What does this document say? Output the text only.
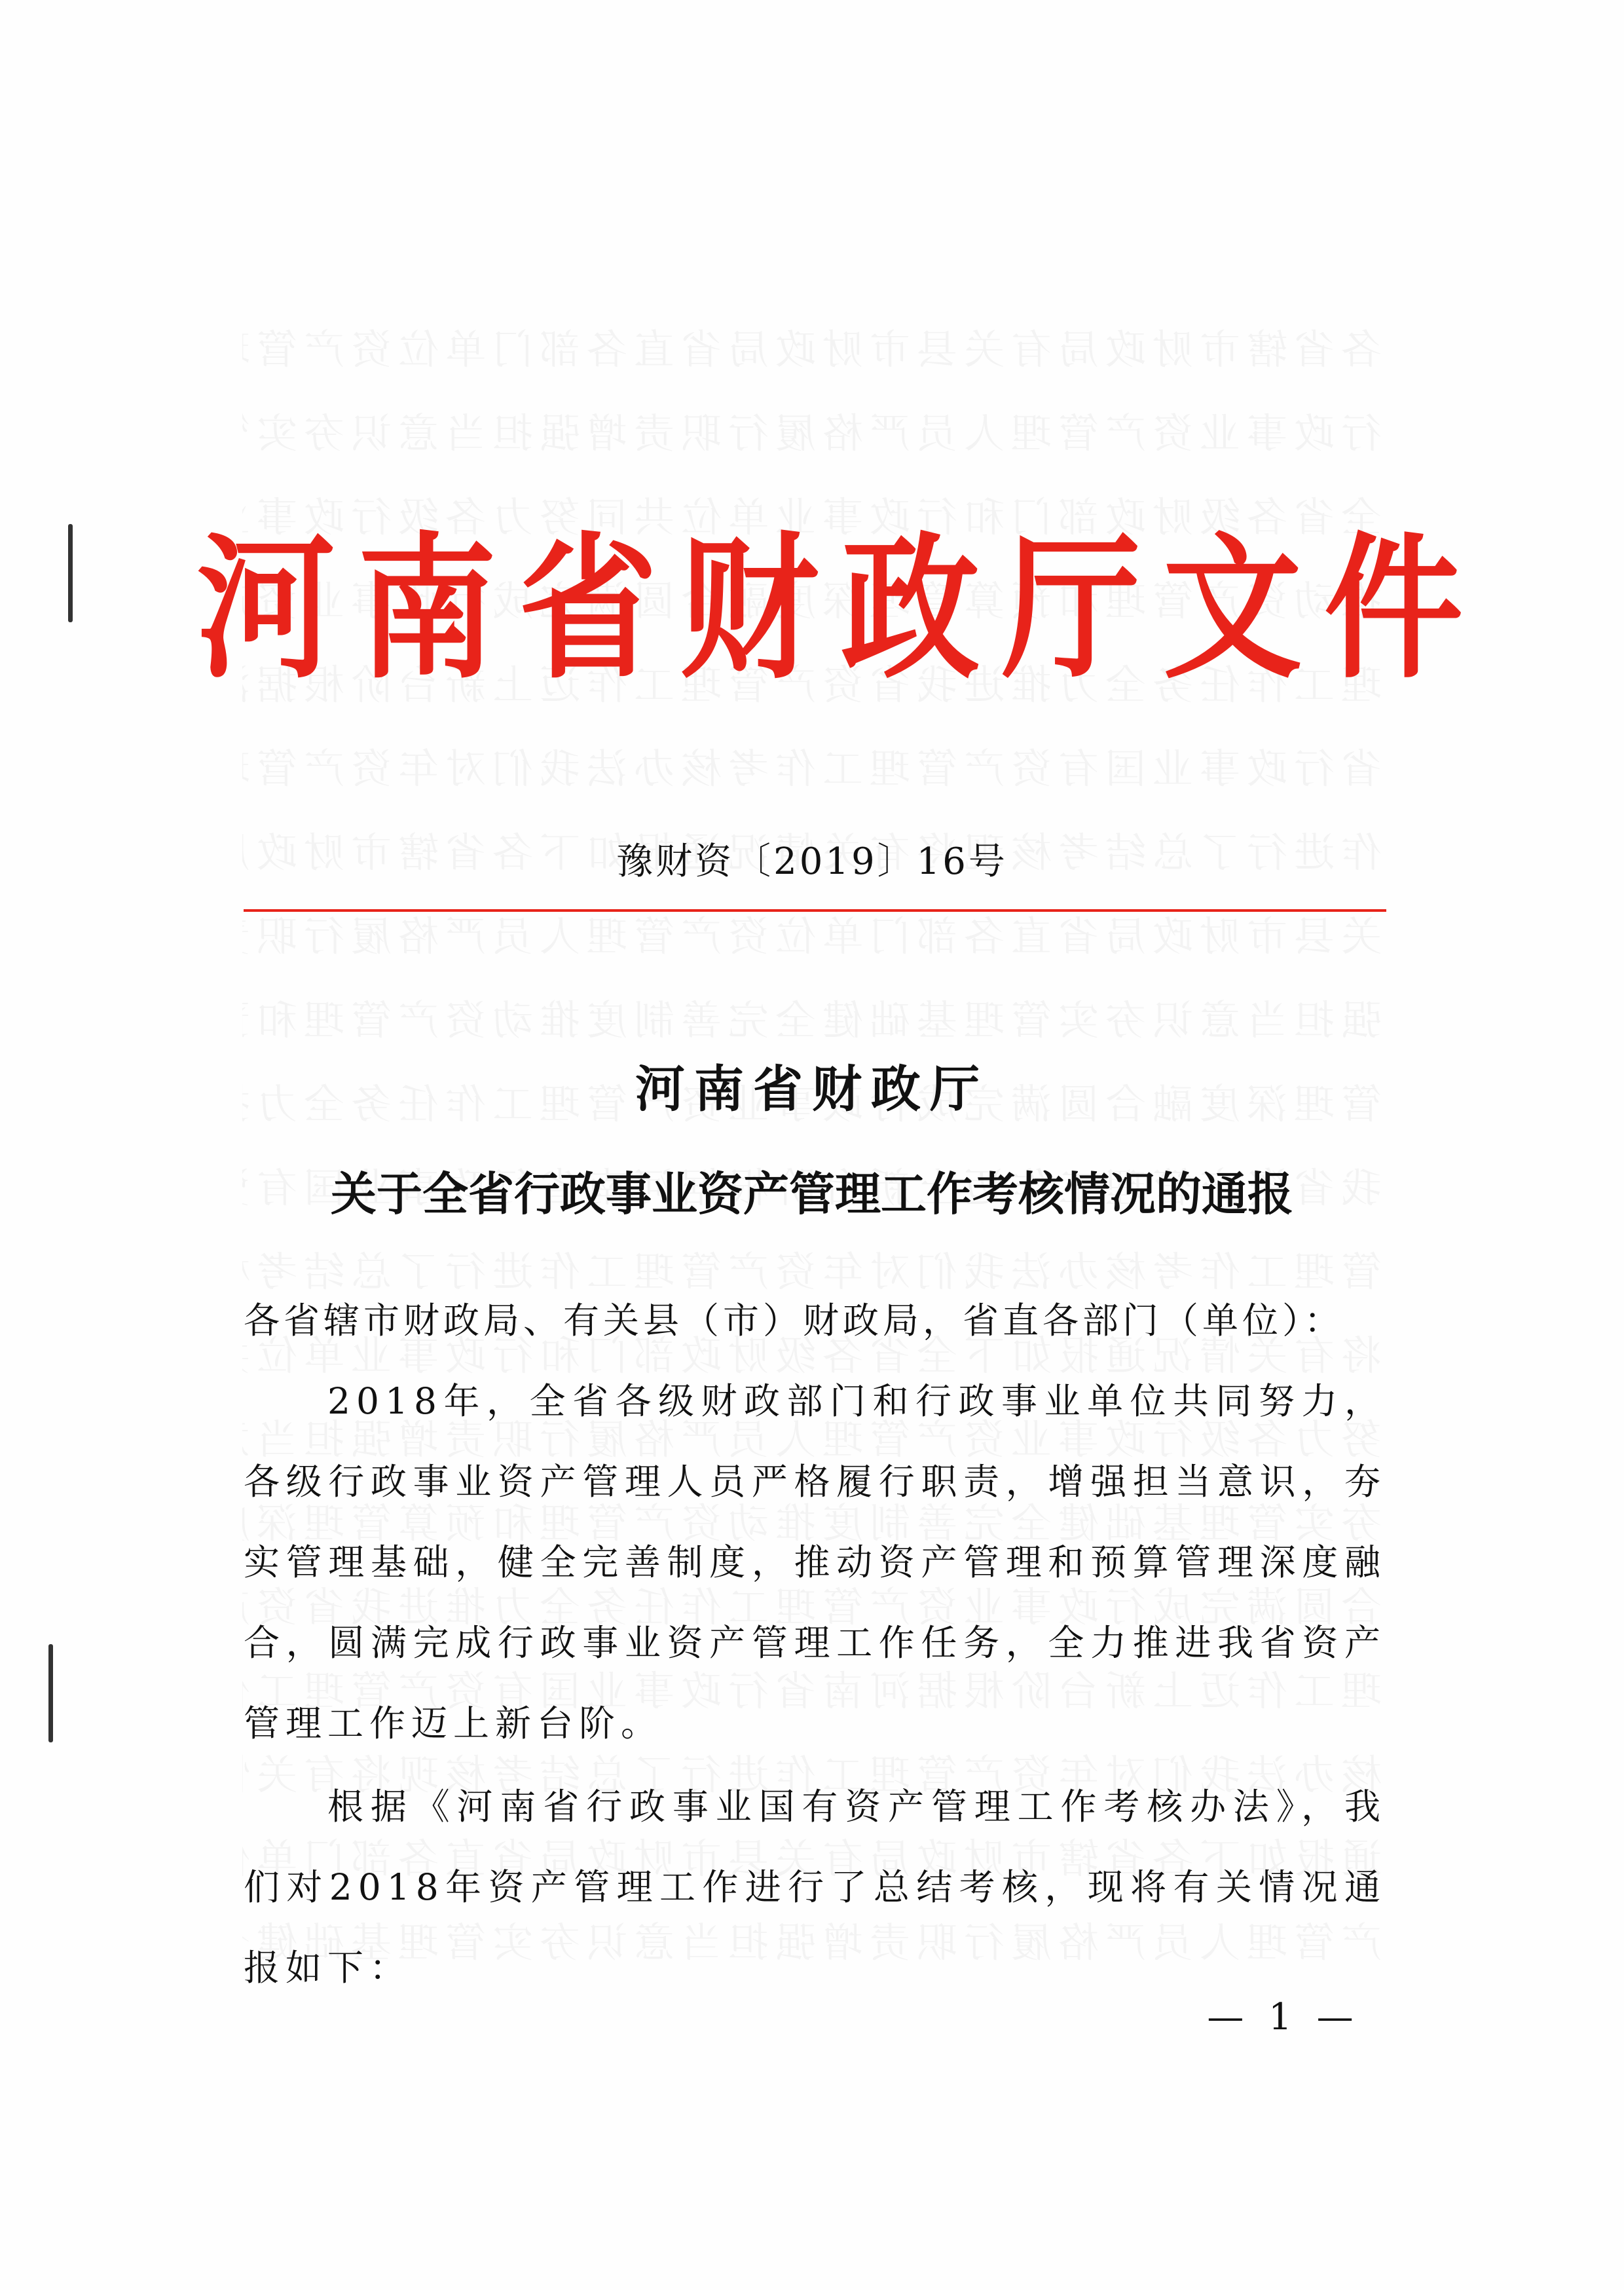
河南省财政厅文件
豫财资〔2019〕16号
河南省财政厅
关于全省行政事业资产管理工作考核情况的通报

各省辖市财政局、有关县（市）财政局，省直各部门（单位）：

2018年，全省各级财政部门和行政事业单位共同努力，各级行政事业资产管理人员严格履行职责，增强担当意识，夯实管理基础，健全完善制度，推动资产管理和预算管理深度融合，圆满完成行政事业资产管理工作任务，全力推进我省资产管理工作迈上新台阶。

根据《河南省行政事业国有资产管理工作考核办法》，我们对2018年资产管理工作进行了总结考核，现将有关情况通报如下：

— 1 —
